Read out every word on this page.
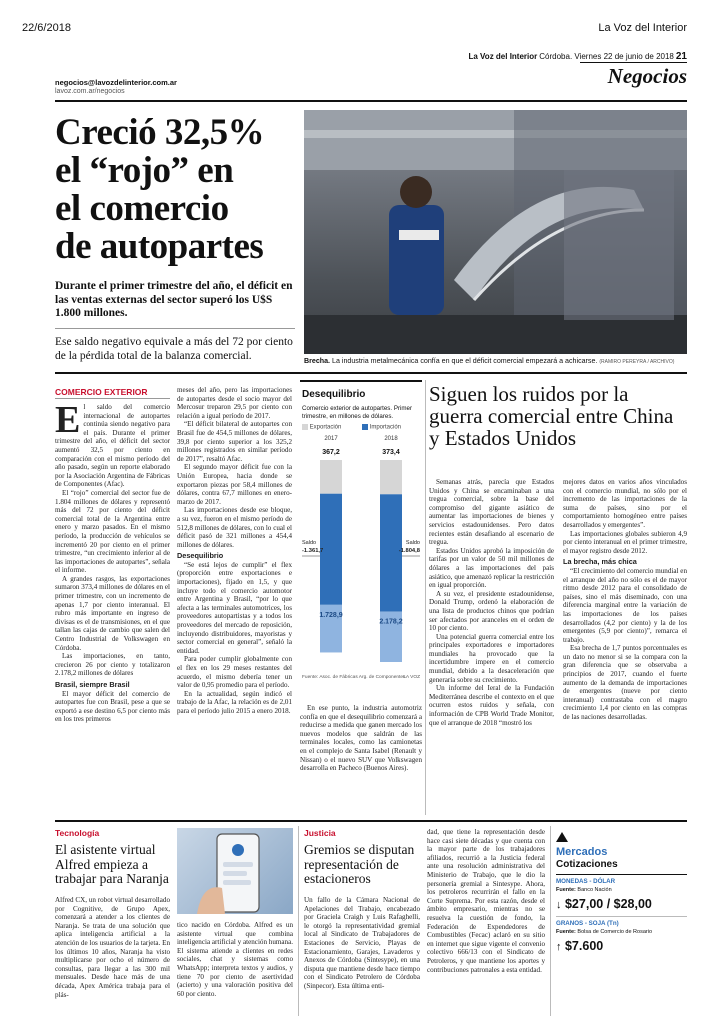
22/6/2018	La Voz del Interior
La Voz del Interior Córdoba. Viernes 22 de junio de 2018 21
Negocios
negocios@lavozdelinterior.com.ar
lavoz.com.ar/negocios
Creció 32,5%
el “rojo” en
el comercio
de autopartes
Durante el primer trimestre del año, el déficit en las ventas externas del sector superó los U$S 1.800 millones.
Ese saldo negativo equivale a más del 72 por ciento de la pérdida total de la balanza comercial.	Brecha. La industria metalmecánica confía en que el déficit comercial empezará a achicarse. (RAMIRO PEREYRA / ARCHIVO)
COMERCIO EXTERIOR
E l saldo del comercio internacional de autopartes continúa siendo negativo para el país. Durante el primer trimestre del año, el déficit del sector aumentó 32,5 por ciento en comparación con el mismo período del año pasado, según un reporte elaborado por la Asociación Argentina de Fábricas de Componentes (Afac).

El “rojo” comercial del sector fue de 1.804 millones de dólares y representó más del 72 por ciento del déficit comercial total de la Argentina entre enero y marzo pasados. En el mismo período, la producción de vehículos se incrementó 20 por ciento en el primer trimestre, “un crecimiento inferior al de las importaciones de autopartes”, señala el informe.

A grandes rasgos, las exportaciones sumaron 373,4 millones de dólares en el primer trimestre, con un incremento de apenas 1,7 por ciento interanual. El rubro más importante en ingreso de divisas es el de transmisiones, en el que tallan las cajas de cambio que salen del Centro Industrial de Volkswagen en Córdoba.

Las importaciones, en tanto, crecieron 26 por ciento y totalizaron 2.178,2 millones de dólares

Brasil, siempre Brasil

El mayor déficit del comercio de autopartes fue con Brasil, pese a que se exportó a ese destino 6,5 por ciento más en los tres primeros

meses del año, pero las importaciones de autopartes desde el socio mayor del Mercosur treparon 29,5 por ciento con relación a igual período de 2017.

“El déficit bilateral de autopartes con Brasil fue de 454,5 millones de dólares, 39,8 por ciento superior a los 325,2 millones registrados en similar período de 2017”, resaltó Afac.

El segundo mayor déficit fue con la Unión Europea, hacia donde se exportaron piezas por 58,4 millones de dólares, contra 67,7 millones en enero-marzo de 2017.

Las importaciones desde ese bloque, a su vez, fueron en el mismo período de 512,8 millones de dólares, con lo cual el déficit pasó de 321 millones a 454,4 millones de dólares.

Desequilibrio

“Se está lejos de cumplir” el flex (proporción entre exportaciones e importaciones), fijado en 1,5, y que incluye todo el comercio automotor entre Argentina y Brasil, “por lo que afecta a las terminales automotrices, los proveedores autopartistas y a todos los proveedores del mercado de reposición, incluyendo distribuidores, mayoristas y sector comercial en general”, señaló la entidad.

Para poder cumplir globalmente con el flex en los 29 meses restantes del acuerdo, el mismo debería tener un valor de 0,95 promedio para el período.

En la actualidad, según indicó el trabajo de la Afac, la relación es de 2,01 para el período julio 2015 a enero 2018.

Desequilibrio
Comercio exterior de autopartes. Primer trimestre, en millones de dólares.
Exportación	Importación
2017
367,2
1.728,9
2018
373,4
2.178,2
Saldo
-1.361,7
Saldo
-1.804,8
Fuente: Asoc. de Fábricas Arg. de Componentes
LA VOZ
Siguen los ruidos por la guerra comercial entre China y Estados Unidos

Semanas atrás, parecía que Estados Unidos y China se encaminaban a una tregua comercial, sobre la base del compromiso del gigante asiático de aumentar las importaciones de bienes y servicios estadounidenses. Pero datos recientes están desafiando al escenario de tregua.

Estados Unidos aprobó la imposición de tarifas por un valor de 50 mil millones de dólares a las importaciones del país asiático, que amenazó replicar la restricción en igual proporción.

A su vez, el presidente estadounidense, Donald Trump, ordenó la elaboración de una lista de productos chinos que podrían ser afectados por aranceles en el orden de 10 por ciento.

Una potencial guerra comercial entre los principales exportadores e importadores mundiales ha provocado que la incertidumbre impere en el comercio mundial, debido a la desaceleración que generaría sobre su crecimiento.

Un informe del Ieral de la Fundación Mediterránea describe el contexto en el que ocurren estos ruidos y señala, con información de CPB World Trade Monitor, que el arranque de 2018 “mostró los

mejores datos en varios años vinculados con el comercio mundial, no sólo por el incremento de las importaciones de la suma de países, sino por el comportamiento homogéneo entre países desarrollados y emergentes”.

Las importaciones globales subieron 4,9 por ciento interanual en el primer trimestre, el mayor registro desde 2012.

La brecha, más chica

“El crecimiento del comercio mundial en el arranque del año no sólo es el de mayor ritmo desde 2012 para el consolidado de países, sino el más diseminado, con una diferencia marginal entre la variación de las importaciones de los países desarrollados (4,2 por ciento) y la de los emergentes (5,9 por ciento)”, remarca el trabajo.

Esa brecha de 1,7 puntos porcentuales es un dato no menor si se la compara con la gran diferencia que se observaba a principios de 2017, cuando el fuerte aumento de la demanda de importaciones de emergentes (nueve por ciento interanual) contrastaba con el magro crecimiento 1,4 por ciento en las compras de las naciones desarrolladas.

En ese punto, la industria automotriz confía en que el desequilibrio comenzará a reducirse a medida que ganen mercado los nuevos modelos que saldrán de las terminales locales, como las camionetas en el complejo de Santa Isabel (Renault y Nissan) o el nuevo SUV que Volkswagen desarrolla en Pacheco (Buenos Aires).

Tecnología
El asistente virtual Alfred empieza a trabajar para Naranja
Alfred CX, un robot virtual desarrollado por Cognitive, de Grupo Apex, comenzará a atender a los clientes de Naranja. Se trata de una solución que aplica inteligencia artificial a la atención de los usuarios de la tarjeta. En los últimos 10 años, Naranja ha visto multiplicarse por ocho el número de consultas, para llegar a las 300 mil mensuales. Desde hace más de una década, Apex América trabaja para el plás-
tico nacido en Córdoba. Alfred es un asistente virtual que combina inteligencia artificial y atención humana. El sistema atiende a clientes en redes sociales, chat y sistemas como WhatsApp; interpreta textos y audios, y tiene 70 por ciento de asertividad (acierto) y una valoración positiva del 60 por ciento.
Justicia
Gremios se disputan representación de estacioneros
Un fallo de la Cámara Nacional de Apelaciones del Trabajo, encabezado por Graciela Craigh y Luis Rafaghelli, le otorgó la representatividad gremial local al Sindicato de Trabajadores de Estaciones de Servicio, Playas de Estacionamiento, Garajes, Lavaderos y Anexos de Córdoba (Sintesype), en una disputa que mantiene desde hace tiempo con el Sindicato Petrolero de Córdoba (Sinpecor). Esta última enti-
dad, que tiene la representación desde hace casi siete décadas y que cuenta con la mayor parte de los trabajadores afiliados, recurrió a la Justicia federal ante una resolución administrativa del Ministerio de Trabajo, que le dio la personería gremial a Sintesype. Ahora, los petroleros recurrirán el fallo en la Corte Suprema. Por esta razón, desde el ámbito empresario, mientras no se resuelva la cuestión de fondo, la Federación de Expendedores de Combustibles (Fecac) aclaró en su sitio en internet que sigue vigente el convenio colectivo 666/13 con el Sindicato de Petroleros, y que mantiene los aportes y contribuciones patronales a esta entidad.
Mercados
Cotizaciones
MONEDAS - DÓLAR
Fuente: Banco Nación
↓ $27,00 / $28,00
GRANOS - SOJA (Tn)
Fuente: Bolsa de Comercio de Rosario
↑ $7.600
